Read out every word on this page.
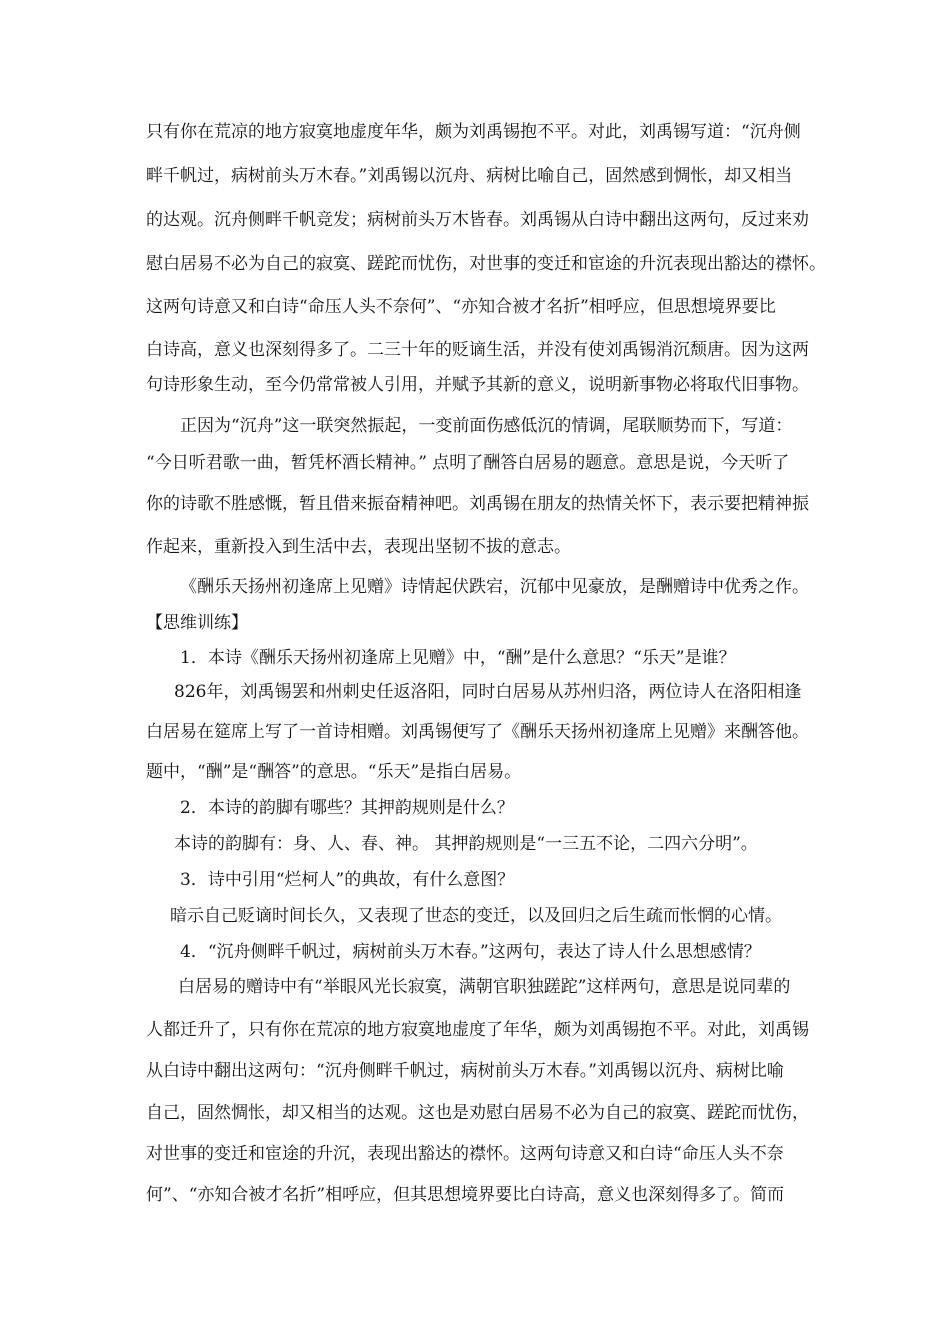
只有你在荒凉的地方寂寞地虚度年华，颇为刘禹锡抱不平。对此，刘禹锡写道：“沉舟侧

畔千帆过，病树前头万木春。”刘禹锡以沉舟、病树比喻自己，固然感到惆怅，却又相当

的达观。沉舟侧畔千帆竞发；病树前头万木皆春。刘禹锡从白诗中翻出这两句，反过来劝

慰白居易不必为自己的寂寞、蹉跎而忧伤，对世事的变迁和宦途的升沉表现出豁达的襟怀。

这两句诗意又和白诗“命压人头不奈何”、“亦知合被才名折”相呼应，但思想境界要比

白诗高，意义也深刻得多了。二三十年的贬谪生活，并没有使刘禹锡消沉颓唐。因为这两

句诗形象生动，至今仍常常被人引用，并赋予其新的意义，说明新事物必将取代旧事物。

正因为“沉舟”这一联突然振起，一变前面伤感低沉的情调，尾联顺势而下，写道：

“今日听君歌一曲，暂凭杯酒长精神。” 点明了酬答白居易的题意。意思是说，今天听了

你的诗歌不胜感慨，暂且借来振奋精神吧。刘禹锡在朋友的热情关怀下，表示要把精神振

作起来，重新投入到生活中去，表现出坚韧不拔的意志。

《酬乐天扬州初逢席上见赠》诗情起伏跌宕，沉郁中见豪放，是酬赠诗中优秀之作。

【思维训练】

1．本诗《酬乐天扬州初逢席上见赠》中，“酬”是什么意思？“乐天”是谁？

826年，刘禹锡罢和州刺史任返洛阳，同时白居易从苏州归洛，两位诗人在洛阳相逢

白居易在筵席上写了一首诗相赠。刘禹锡便写了《酬乐天扬州初逢席上见赠》来酬答他。

题中，“酬”是“酬答”的意思。“乐天”是指白居易。

2．本诗的韵脚有哪些？其押韵规则是什么？

本诗的韵脚有：身、人、春、神。 其押韵规则是“一三五不论，二四六分明”。

3．诗中引用“烂柯人”的典故，有什么意图？

暗示自己贬谪时间长久，又表现了世态的变迁，以及回归之后生疏而怅惘的心情。

4．“沉舟侧畔千帆过，病树前头万木春。”这两句，表达了诗人什么思想感情？

白居易的赠诗中有“举眼风光长寂寞，满朝官职独蹉跎”这样两句，意思是说同辈的

人都迁升了，只有你在荒凉的地方寂寞地虚度了年华，颇为刘禹锡抱不平。对此，刘禹锡

从白诗中翻出这两句：“沉舟侧畔千帆过，病树前头万木春。”刘禹锡以沉舟、病树比喻

自己，固然惆怅，却又相当的达观。这也是劝慰白居易不必为自己的寂寞、蹉跎而忧伤，

对世事的变迁和宦途的升沉，表现出豁达的襟怀。这两句诗意又和白诗“命压人头不奈

何”、“亦知合被才名折”相呼应，但其思想境界要比白诗高，意义也深刻得多了。简而
